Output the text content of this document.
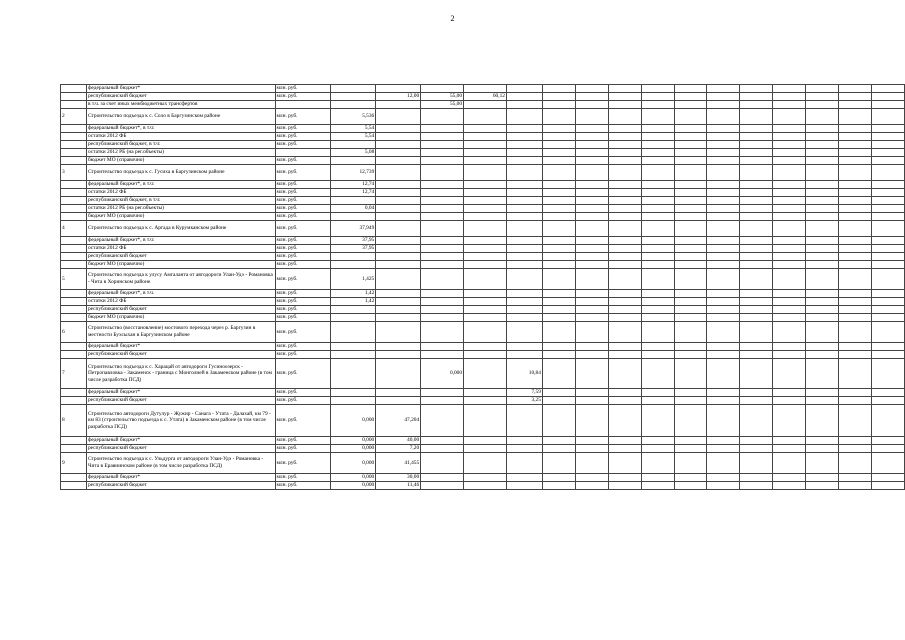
2
	федеральный бюджет*	млн. руб.																
	республиканский бюджет	млн. руб.		12,00	55,00	60,12												
	в т.ч. за счет иных межбюджетных трансфертов				55,00													
2	Строительство подъезда к с. Соло в Баргузинском районе	млн. руб.	5,536															
	федеральный бюджет*, в т.ч:	млн. руб.	5,54															
	остатки 2012 ФБ	млн. руб.	5,54															
	республиканский бюджет, в т.ч:	млн. руб.																
	остатки 2012 РБ (на рег.объекты)		5,08															
	бюджет МО (справочно)	млн. руб.																
3	Строительство подъезда к с. Гусиха в Баргузинском районе	млн. руб.	12,739															
	федеральный бюджет*, в т.ч:	млн. руб.	12,74															
	остатки 2012 ФБ	млн. руб.	12,74															
	республиканский бюджет, в т.ч:	млн. руб.																
	остатки 2012 РБ (на рег.объекты)	млн. руб.	0,04															
	бюджет МО (справочно)	млн. руб.																
4	Строительство подъезда к с. Аргада в Курумканском районе	млн. руб.	37,949															
	федеральный бюджет*, в т.ч:	млн. руб.	37,95															
	остатки 2012 ФБ	млн. руб.	37,95															
	республиканский бюджет	млн. руб.																
	бюджет МО (справочно)	млн. руб.																
5	Строительство подъезда к улусу Амгаланта от автодороги Улан-Удэ - Романовка - Чита в Хоринском районе	млн. руб.	1,425															
	федеральный бюджет*, в т.ч.	млн. руб.	1,42															
	остатки 2012 ФБ	млн. руб.	1,42															
	республиканский бюджет	млн. руб.																
	бюджет МО (справочно)	млн. руб.																
6	Строительство (восстановление) мостового перехода через р. Баргузин в местности Бухсыхан в Баргузинском районе	млн. руб.																
	федеральный бюджет*	млн. руб.																
	республиканский бюджет	млн. руб.																
7	Строительство подъезда к с. Харацай от автодороги Гусиноозерск - Петропавловка - Закаменск - граница с Монголией в Закаменском районе (в том числе разработка ПСД)	млн. руб.			0,000		10,84											
	федеральный бюджет*	млн. руб.					7,59											
	республиканский бюджет	млн. руб.					3,25											
8	Строительство автодороги Дутулур - Жужир - Санага - Утата - Далахай, км 79 - км 83 (строительство подъезда к с. Утата) в Закаменском районе (в том числе разработка ПСД)	млн. руб.	0,000	47,204														
	федеральный бюджет*	млн. руб.	0,000	40,00														
	республиканский бюджет	млн. руб.	0,000	7,20														
9	Строительство подъезда к с. Ульдурга от автодороги Улан-Удэ - Романовка - Чита в Еравнинском районе (в том числе разработка ПСД)	млн. руб.	0,000	41,455														
	федеральный бюджет*	млн. руб.	0,000	30,00														
	республиканский бюджет	млн. руб.	0,000	11,46														
